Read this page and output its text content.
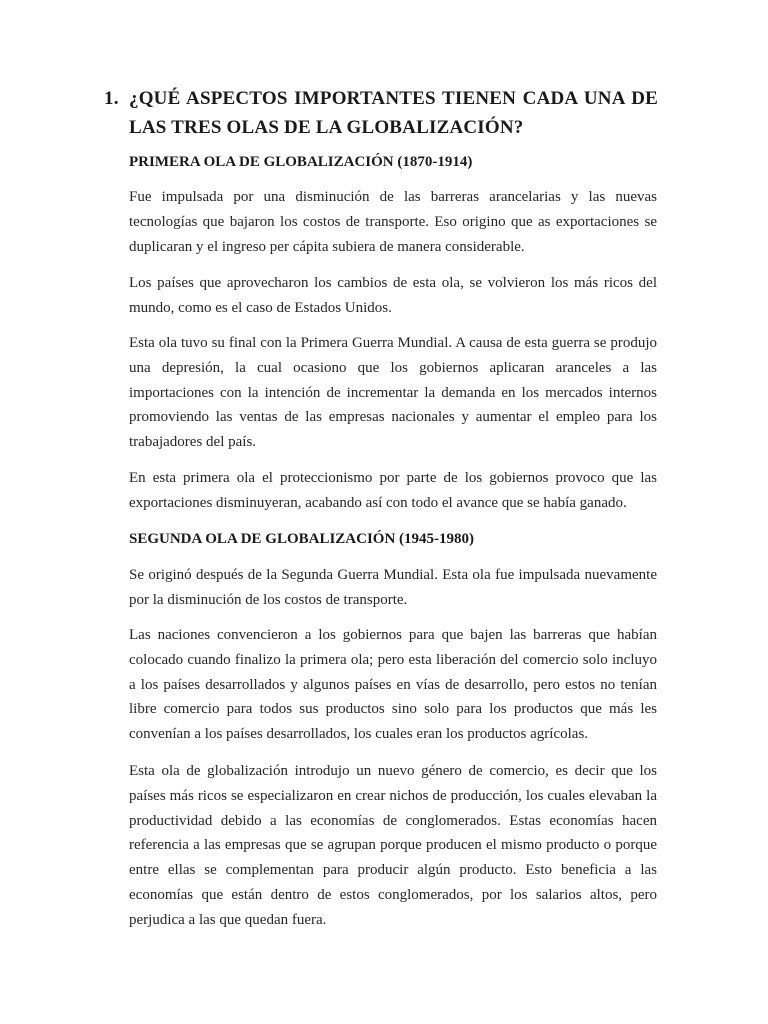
1. ¿QUÉ ASPECTOS IMPORTANTES TIENEN CADA UNA DE LAS TRES OLAS DE LA GLOBALIZACIÓN?
PRIMERA OLA DE GLOBALIZACIÓN (1870-1914)
Fue impulsada por una disminución de las barreras arancelarias y las nuevas tecnologías que bajaron los costos de transporte. Eso origino que as exportaciones se duplicaran y el ingreso per cápita subiera de manera considerable.
Los países que aprovecharon los cambios de esta ola, se volvieron los más ricos del mundo, como es el caso de Estados Unidos.
Esta ola tuvo su final con la Primera Guerra Mundial. A causa de esta guerra se produjo una depresión, la cual ocasiono que los gobiernos aplicaran aranceles a las importaciones con la intención de incrementar la demanda en los mercados internos promoviendo las ventas de las empresas nacionales y aumentar el empleo para los trabajadores del país.
En esta primera ola el proteccionismo por parte de los gobiernos provoco que las exportaciones disminuyeran, acabando así con todo el avance que se había ganado.
SEGUNDA OLA DE GLOBALIZACIÓN (1945-1980)
Se originó después de la Segunda Guerra Mundial. Esta ola fue impulsada nuevamente por la disminución de los costos de transporte.
Las naciones convencieron a los gobiernos para que bajen las barreras que habían colocado cuando finalizo la primera ola; pero esta liberación del comercio solo incluyo a los países desarrollados y algunos países en vías de desarrollo, pero estos no tenían libre comercio para todos sus productos sino solo para los productos que más les convenían a los países desarrollados, los cuales eran los productos agrícolas.
Esta ola de globalización introdujo un nuevo género de comercio, es decir que los países más ricos se especializaron en crear nichos de producción, los cuales elevaban la productividad debido a las economías de conglomerados. Estas economías hacen referencia a las empresas que se agrupan porque producen el mismo producto o porque entre ellas se complementan para producir algún producto. Esto beneficia a las economías que están dentro de estos conglomerados, por los salarios altos, pero perjudica a las que quedan fuera.
